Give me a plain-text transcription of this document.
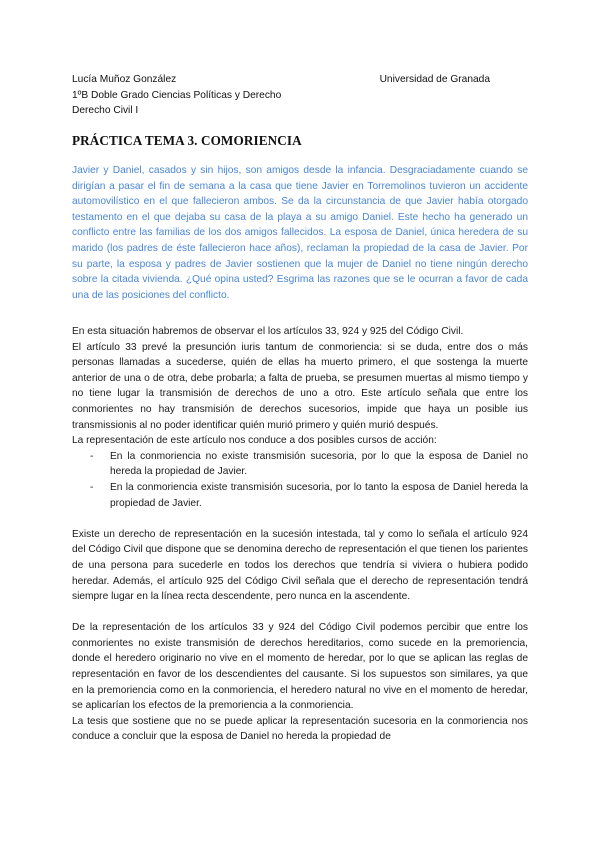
Lucía Muñoz González	Universidad de Granada
1ºB Doble Grado Ciencias Políticas y Derecho
Derecho Civil I
PRÁCTICA TEMA 3. COMORIENCIA

Javier y Daniel, casados y sin hijos, son amigos desde la infancia. Desgraciadamente cuando se dirigían a pasar el fin de semana a la casa que tiene Javier en Torremolinos tuvieron un accidente automovilístico en el que fallecieron ambos. Se da la circunstancia de que Javier había otorgado testamento en el que dejaba su casa de la playa a su amigo Daniel. Este hecho ha generado un conflicto entre las familias de los dos amigos fallecidos. La esposa de Daniel, única heredera de su marido (los padres de éste fallecieron hace años), reclaman la propiedad de la casa de Javier. Por su parte, la esposa y padres de Javier sostienen que la mujer de Daniel no tiene ningún derecho sobre la citada vivienda. ¿Qué opina usted? Esgrima las razones que se le ocurran a favor de cada una de las posiciones del conflicto.

En esta situación habremos de observar el los artículos 33, 924 y 925 del Código Civil.

El artículo 33 prevé la presunción iuris tantum de conmoriencia: si se duda, entre dos o más personas llamadas a sucederse, quién de ellas ha muerto primero, el que sostenga la muerte anterior de una o de otra, debe probarla; a falta de prueba, se presumen muertas al mismo tiempo y no tiene lugar la transmisión de derechos de uno a otro. Este artículo señala que entre los conmorientes no hay transmisión de derechos sucesorios, impide que haya un posible ius transmissionis al no poder identificar quién murió primero y quién murió después.

La representación de este artículo nos conduce a dos posibles cursos de acción:

- En la conmoriencia no existe transmisión sucesoria, por lo que la esposa de Daniel no hereda la propiedad de Javier.
- En la conmoriencia existe transmisión sucesoria, por lo tanto la esposa de Daniel hereda la propiedad de Javier.

Existe un derecho de representación en la sucesión intestada, tal y como lo señala el artículo 924 del Código Civil que dispone que se denomina derecho de representación el que tienen los parientes de una persona para sucederle en todos los derechos que tendría si viviera o hubiera podido heredar. Además, el artículo 925 del Código Civil señala que el derecho de representación tendrá siempre lugar en la línea recta descendente, pero nunca en la ascendente.

De la representación de los artículos 33 y 924 del Código Civil podemos percibir que entre los conmorientes no existe transmisión de derechos hereditarios, como sucede en la premoriencia, donde el heredero originario no vive en el momento de heredar, por lo que se aplican las reglas de representación en favor de los descendientes del causante. Si los supuestos son similares, ya que en la premoriencia como en la conmoriencia, el heredero natural no vive en el momento de heredar, se aplicarían los efectos de la premoriencia a la conmoriencia.

La tesis que sostiene que no se puede aplicar la representación sucesoria en la conmoriencia nos conduce a concluir que la esposa de Daniel no hereda la propiedad de
